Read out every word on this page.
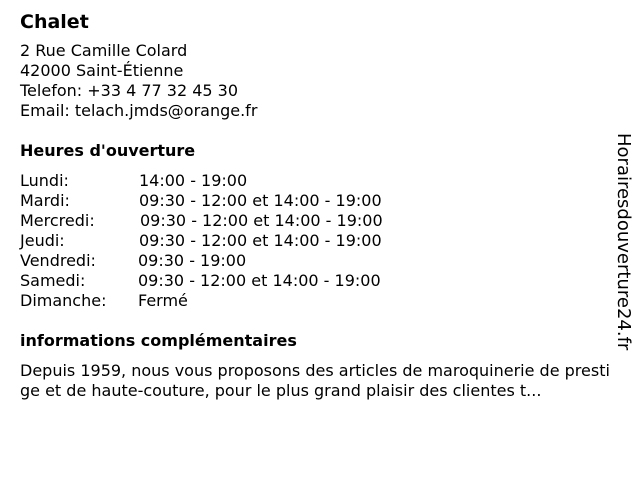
Chalet
2 Rue Camille Colard
42000 Saint-Étienne
Telefon: +33 4 77 32 45 30
Email: telach.jmds@orange.fr
Heures d'ouverture
Lundi:	14:00 - 19:00
Mardi:	09:30 - 12:00 et 14:00 - 19:00
Mercredi:	09:30 - 12:00 et 14:00 - 19:00
Jeudi:	09:30 - 12:00 et 14:00 - 19:00
Vendredi:	09:30 - 19:00
Samedi:	09:30 - 12:00 et 14:00 - 19:00
Dimanche: Fermé
informations complémentaires
Depuis 1959, nous vous proposons des articles de maroquinerie de prestige et de haute-couture, pour le plus grand plaisir des clientes t...
Horairesdouverture24.fr
